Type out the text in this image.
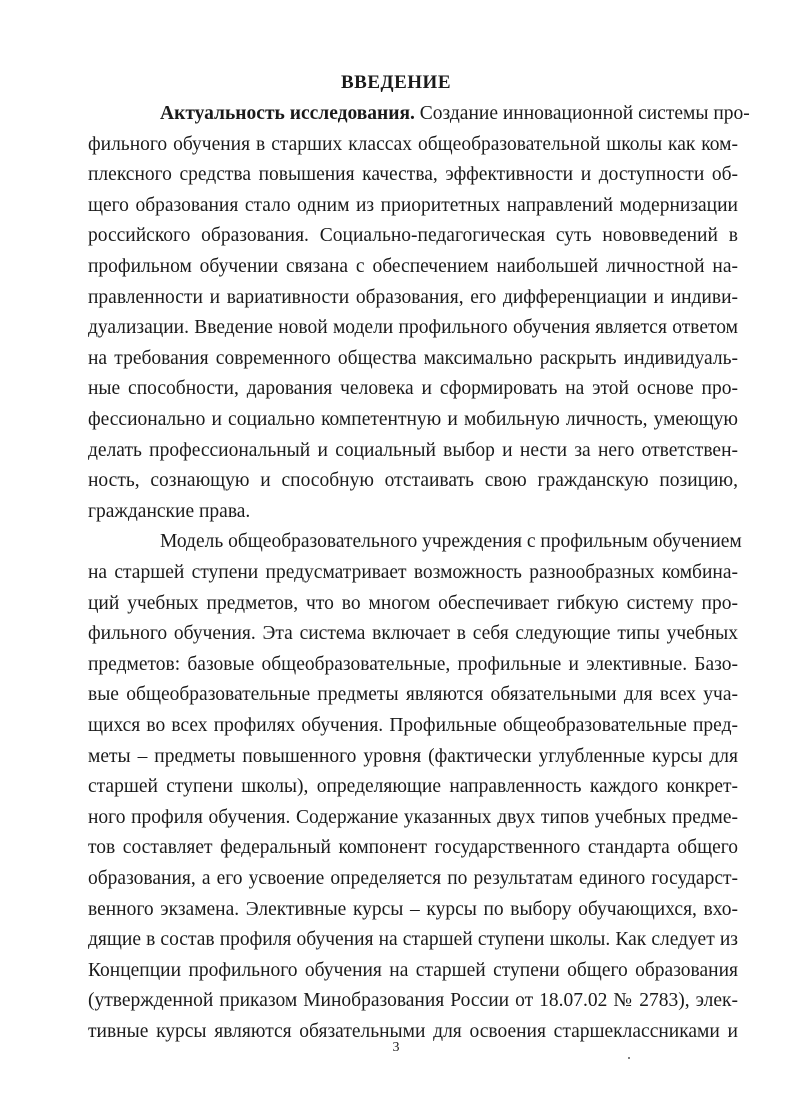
ВВЕДЕНИЕ
Актуальность исследования. Создание инновационной системы про-
фильного обучения в старших классах общеобразовательной школы как ком-
плексного средства повышения качества, эффективности и доступности об-
щего образования стало одним из приоритетных направлений модернизации
российского образования. Социально-педагогическая суть нововведений в
профильном обучении связана с обеспечением наибольшей личностной на-
правленности и вариативности образования, его дифференциации и индиви-
дуализации. Введение новой модели профильного обучения является ответом
на требования современного общества максимально раскрыть индивидуаль-
ные способности, дарования человека и сформировать на этой основе про-
фессионально и социально компетентную и мобильную личность, умеющую
делать профессиональный и социальный выбор и нести за него ответствен-
ность, сознающую и способную отстаивать свою гражданскую позицию,
гражданские права.
Модель общеобразовательного учреждения с профильным обучением
на старшей ступени предусматривает возможность разнообразных комбина-
ций учебных предметов, что во многом обеспечивает гибкую систему про-
фильного обучения. Эта система включает в себя следующие типы учебных
предметов: базовые общеобразовательные, профильные и элективные. Базо-
вые общеобразовательные предметы являются обязательными для всех уча-
щихся во всех профилях обучения. Профильные общеобразовательные пред-
меты – предметы повышенного уровня (фактически углубленные курсы для
старшей ступени школы), определяющие направленность каждого конкрет-
ного профиля обучения. Содержание указанных двух типов учебных предме-
тов составляет федеральный компонент государственного стандарта общего
образования, а его усвоение определяется по результатам единого государст-
венного экзамена. Элективные курсы – курсы по выбору обучающихся, вхо-
дящие в состав профиля обучения на старшей ступени школы. Как следует из
Концепции профильного обучения на старшей ступени общего образования
3
(утвержденной приказом Минобразования России от 18.07.02 № 2783), элек-
тивные курсы являются обязательными для освоения старшеклассниками и
